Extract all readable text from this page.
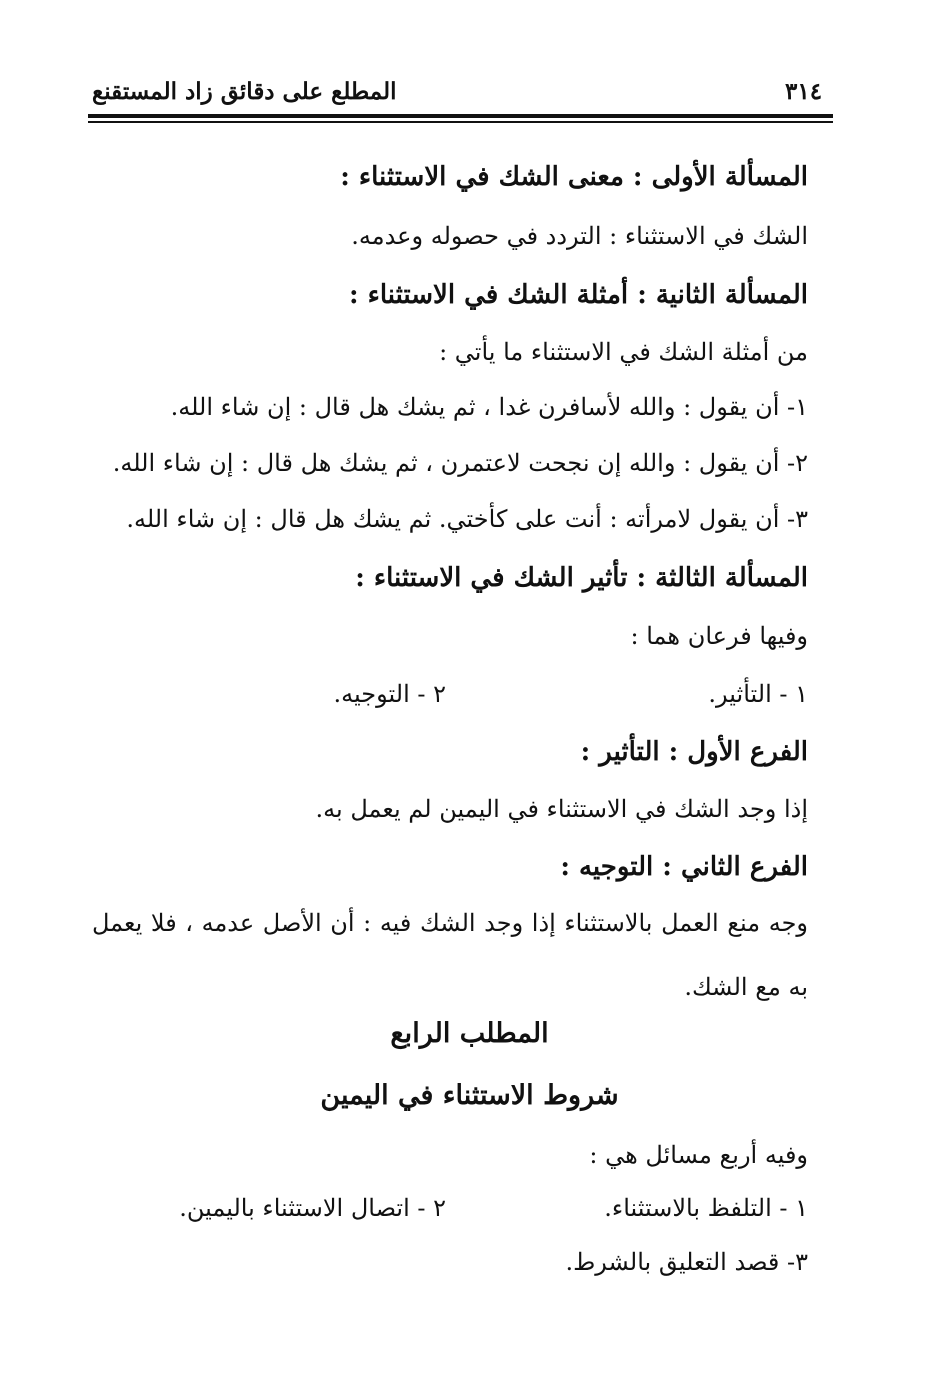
٣١٤
المطلع على دقائق زاد المستقنع
المسألة الأولى : معنى الشك في الاستثناء :
الشك في الاستثناء : التردد في حصوله وعدمه.
المسألة الثانية : أمثلة الشك في الاستثناء :
من أمثلة الشك في الاستثناء ما يأتي :
١- أن يقول : والله لأسافرن غدا ، ثم يشك هل قال : إن شاء الله.
٢- أن يقول : والله إن نجحت لاعتمرن ، ثم يشك هل قال : إن شاء الله.
٣- أن يقول لامرأته : أنت على كأختي. ثم يشك هل قال : إن شاء الله.
المسألة الثالثة : تأثير الشك في الاستثناء :
وفيها فرعان هما :
١ - التأثير.
٢ - التوجيه.
الفرع الأول : التأثير :
إذا وجد الشك في الاستثناء في اليمين لم يعمل به.
الفرع الثاني : التوجيه :
وجه منع العمل بالاستثناء إذا وجد الشك فيه : أن الأصل عدمه ، فلا يعمل به مع الشك.
المطلب الرابع
شروط الاستثناء في اليمين
وفيه أربع مسائل هي :
١ - التلفظ بالاستثناء.
٢ - اتصال الاستثناء باليمين.
٣- قصد التعليق بالشرط.
